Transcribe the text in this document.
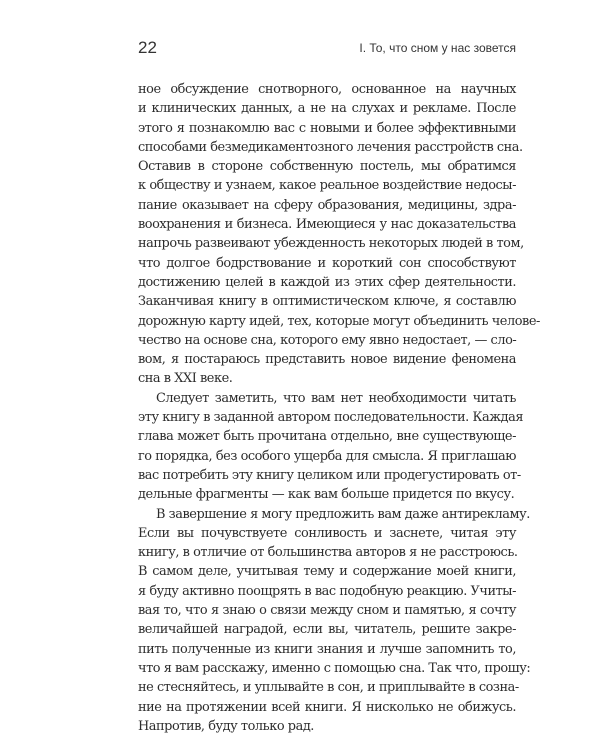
22	I. То, что сном у нас зовется

ное обсуждение снотворного, основанное на научных
и клинических данных, а не на слухах и рекламе. После
этого я познакомлю вас с новыми и более эффективными
способами безмедикаментозного лечения расстройств сна.
Оставив в стороне собственную постель, мы обратимся
к обществу и узнаем, какое реальное воздействие недосы-
пание оказывает на сферу образования, медицины, здра-
воохранения и бизнеса. Имеющиеся у нас доказательства
напрочь развеивают убежденность некоторых людей в том,
что долгое бодрствование и короткий сон способствуют
достижению целей в каждой из этих сфер деятельности.
Заканчивая книгу в оптимистическом ключе, я составлю
дорожную карту идей, тех, которые могут объединить челове-
чество на основе сна, которого ему явно недостает, — сло-
вом, я постараюсь представить новое видение феномена
сна в XXI веке.

Следует заметить, что вам нет необходимости читать
эту книгу в заданной автором последовательности. Каждая
глава может быть прочитана отдельно, вне существующе-
го порядка, без особого ущерба для смысла. Я приглашаю
вас потребить эту книгу целиком или продегустировать от-
дельные фрагменты — как вам больше придется по вкусу.

В завершение я могу предложить вам даже антирекламу.
Если вы почувствуете сонливость и заснете, читая эту
книгу, в отличие от большинства авторов я не расстроюсь.
В самом деле, учитывая тему и содержание моей книги,
я буду активно поощрять в вас подобную реакцию. Учиты-
вая то, что я знаю о связи между сном и памятью, я сочту
величайшей наградой, если вы, читатель, решите закре-
пить полученные из книги знания и лучше запомнить то,
что я вам расскажу, именно с помощью сна. Так что, прошу:
не стесняйтесь, и уплывайте в сон, и приплывайте в созна-
ние на протяжении всей книги. Я нисколько не обижусь.
Напротив, буду только рад.
